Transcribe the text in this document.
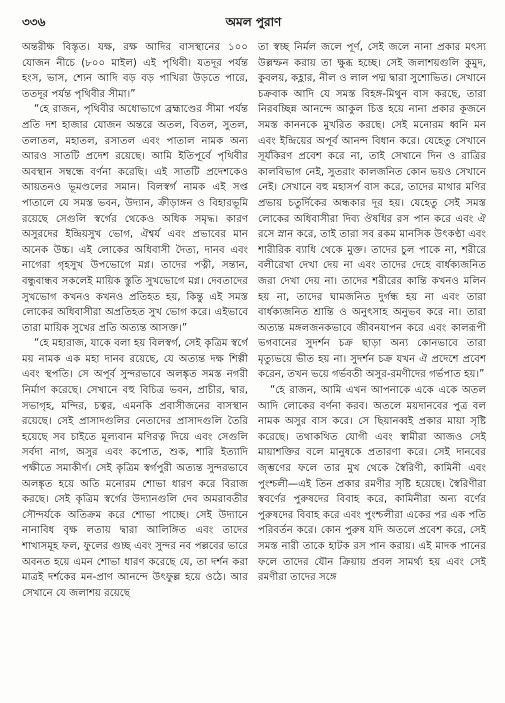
৩৩৬	অমল পুরাণ

অন্তরীক্ষ বিস্তৃত। যক্ষ, রক্ষ আদির বাসস্থানের ১০০ যোজন নীচে (৮০০ মাইল) এই পৃথিবী। যতদূর পর্যন্ত হংস, ভাস, শ্যেন আদি বড় বড় পাখিরা উড়তে পারে, ততদূর পর্যন্ত পৃথিবীর সীমা।”

“হে রাজন, পৃথিবীর অধোভাগে ব্রহ্মাণ্ডের সীমা পর্যন্ত প্রতি দশ হাজার যোজন অন্তরে অতল, বিতল, সুতল, তলাতল, মহাতল, রসাতল এবং পাতাল নামক অন্য আরও সাতটি প্রদেশ রয়েছে। আমি ইতিপূর্বে পৃথিবীর অবস্থান সম্বন্ধে বর্ণনা করেছি। এই সাতটি প্রদেশকেও আয়তনও ভূমণ্ডলের সমান। বিলস্বর্গ নামক এই সপ্ত পাতালে যে সমস্ত ভবন, উদ্যান, ক্রীড়াঙ্গন ও বিহারভূমি রয়েছে সেগুলি স্বর্গের থেকেও অধিক সমৃদ্ধ। কারণ অসুরদের ইন্দ্রিয়সুখ ভোগ, ঐশ্বর্য এবং প্রভাবের মান অনেক উচ্চ। এই লোকের অধিবাসী দৈত্য, দানব এবং নাগেরা গৃহসুখ উপভোগে মগ্ন। তাদের পত্নী, সন্তান, বন্ধুবান্ধব সকলেই মায়িক স্তুতি সুখভোগে মগ্ন। দেবতাদের সুখভোগ কখনও কখনও প্রতিহত হয়, কিন্তু এই সমস্ত লোকের অধিবাসীরা অপ্রতিহত সুখ ভোগ করে। এইভাবে তারা মায়িক সুখের প্রতি অত্যন্ত আসক্ত।”

“হে মহারাজ, যাকে বলা হয় বিলস্বর্গ, সেই কৃত্রিম স্বর্গে ময় নামক এক মহা দানব রয়েছে, যে অত্যন্ত দক্ষ শিল্পী এবং স্থপতি। সে অপূর্ব সুন্দরভাবে অলঙ্কৃত সমস্ত নগরী নির্মাণ করেছে। সেখানে বহু বিচিত্র ভবন, প্রাচীর, দ্বার, সভাগৃহ, মন্দির, চত্বর, এমনকি প্রবাসীজনের বাসস্থান রয়েছে। সেই প্রাসাদগুলির নেতাদের প্রাসাদগুলি তৈরি হয়েছে সব চাইতে মূল্যবান মণিরত্ন দিয়ে এবং সেগুলি সর্বদা নাগ, অসুর এবং কপোত, শুক, শারি ইত্যাদি পক্ষীতে সমাকীর্ণ। সেই কৃত্রিম স্বর্গপুরী অত্যন্ত সুন্দরভাবে অলঙ্কৃত হয়ে অতি মনোরম শোভা ধারণ করে বিরাজ করছে। সেই কৃত্রিম স্বর্গের উদ্যানগুলি দেব অমরাবতীর সৌন্দর্যকে অতিক্রম করে শোভা পাচ্ছে। সেই উদ্যানে নানাবিধ বৃক্ষ লতায় দ্বারা আলিঙ্গিত এবং তাদের শাখাসমূহ ফল, ফুলের গুচ্ছ এবং সুন্দর নব পল্লবের ভারে অবনত হয়ে এমন শোভা ধারণ করেছে যে, তা দর্শন করা মাত্রই দর্শকের মন-প্রাণ আনন্দে উৎফুল্ল হয়ে ওঠে। আর সেখানে যে জলাশয় রয়েছে

তা স্বচ্ছ নির্মল জলে পূর্ণ, সেই জলে নানা প্রকার মৎস্য উল্লম্ফন করায় তা ক্ষুব্ধ হচ্ছে। সেই জলাশয়গুলি কুমুদ, কুবলয়, কহ্লার, নীল ও লাল পদ্ম দ্বারা সুশোভিত। সেখানে চক্রবাক আদি যে সমস্ত বিহঙ্গ-মিথুন বাস করছে, তারা নিরবচ্ছিন্ন আনন্দে আকুল চিত্ত হয়ে নানা প্রকার কূজনে সমস্ত কাননকে মুখরিত করছে। সেই মনোরম ধ্বনি মন এবং ইন্দ্রিয়ের অপূর্ব আনন্দ বিধান করে। যেহেতু সেখানে সূর্যকিরণ প্রবেশ করে না, তাই সেখানে দিন ও রাত্রির কালবিভাগ নেই, সুতরাং কালজনিত কোন ভয়ও সেখানে নেই। সেখানে বহু মহাসর্প বাস করে, তাদের মাথার মণির প্রভায় চতুর্দিকের অন্ধকার দূর হয়। যেহেতু সেই সমস্ত লোকের অধিবাসীরা দিব্য ঔষধির রস পান করে এবং ঐ রসে স্নান করে, তাই তারা সব রকম মানসিক উৎকণ্ঠা এবং শারীরিক ব্যাধি থেকে মুক্ত। তাদের চুল পাকে না, শরীরে বলীরেখা দেখা দেয় না এবং তাদের দেহে বার্ধক্যজনিত জরা দেখা দেয় না। তাদের শরীরের কান্তি কখনও মলিন হয় না, তাদের ঘামজনিত দুর্গন্ধ হয় না এবং তারা বার্ধক্যজনিত শ্রান্তি ও অনুৎসাহ অনুভব করে না। তারা অত্যন্ত মঙ্গলজনকভাবে জীবনযাপন করে এবং কালরূপী ভগবানের সুদর্শন চক্র ছাড়া অন্য কোনভাবে তারা মৃত্যুভয়ে ভীত হয় না। সুদর্শন চক্র যখন ঐ প্রদেশে প্রবেশ করেন, তখন ভয়ে গর্ভবতী অসুর-রমণীদের গর্ভপাত হয়।”

“হে রাজন, আমি এখন আপনাকে একে একে অতল আদি লোকের বর্ণনা করব। অতলে ময়দানবের পুত্র বল নামক অসুর বাস করে। সে ছিয়ানব্বই প্রকার মায়া সৃষ্টি করেছে। তথাকথিত যোগী এবং স্বামীরা আজও সেই মায়াশক্তির বলে মানুষকে প্রতারণা করে। সেই দানবের জৃম্ভণের ফলে তার মুখ থেকে স্বৈরিণী, কামিনী এবং পুংশ্চলী—এই তিন প্রকার রমণীর সৃষ্টি হয়েছে। স্বৈরিণীরা স্ববর্ণের পুরুষদের বিবাহ করে, কামিনীরা অন্য বর্ণের পুরুষদের বিবাহ করে এবং পুংশ্চলীরা একের পর এক পতি পরিবর্তন করে। কোন পুরুষ যদি অতলে প্রবেশ করে, সেই সমস্ত নারী তাকে হাটক রস পান করায়। এই মাদক পানের ফলে তাদের যৌন ক্রিয়ায় প্রবল সামর্থ্য হয় এবং সেই রমণীরা তাদের সঙ্গে
